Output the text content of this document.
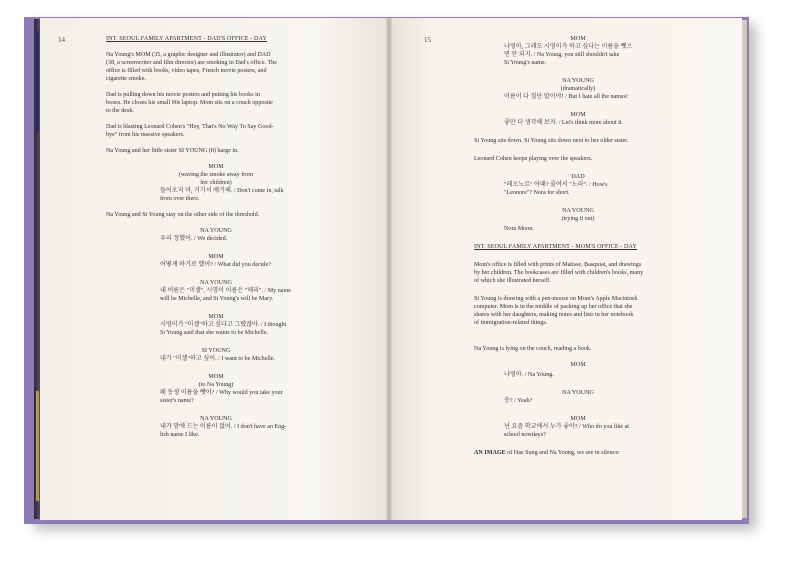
14	INT. SEOUL FAMILY APARTMENT - DAD'S OFFICE - DAY
Na Young's MOM (35, a graphic designer and illustrator) and DAD
(38, a screenwriter and film director) are smoking in Dad's office. The
office is filled with books, video tapes, French movie posters, and
cigarette smoke.
Dad is pulling down his movie posters and putting his books in
boxes. He closes his small 90s laptop. Mom sits on a couch opposite
to the desk.
Dad is blasting Leonard Cohen's "Hey, That's No Way To Say Good-
bye" from his massive speakers.
Na Young and her little sister SI YOUNG (8) barge in.
MOM
(waving the smoke away from
her children)
들어오지 마, 거기서 얘기해. / Don't come in, talk
from over there.
Na Young and Si Young stay on the other side of the threshold.
NA YOUNG
우리 정했어. / We decided.
MOM
어떻게 하기로 했어? / What did you decide?
NA YOUNG
내 이름은 "미셸", 시영이 이름은 "매리". / My name
will be Michelle, and Si Young's will be Mary.
MOM
시영이가 "미셸"하고 싶다고 그랬잖아. / I thought
Si Young said that she wants to be Michelle.
SI YOUNG
내가 "미셸"하고 싶어. / I want to be Michelle.
MOM
(to Na Young)
왜 동생 이름을 뺏어? / Why would you take your
sister's name?
NA YOUNG
내가 맘에 드는 이름이 없어. / I don't have an Eng-
lish name I like.
15	MOM
나영아, 그래도 시영이가 하고 싶다는 이름을 뺏으
면 안 되지. / Na Young, you still shouldn't take
Si Young's name.
NA YOUNG
(dramatically)
이름이 다 질단 말이야! / But I hate all the names!
MOM
좋만 더 생각해 보자. / Let's think more about it.
Si Young sits down. Si Young sits down next to her older sister.
Leonard Cohen keeps playing over the speakers.
DAD
"레오노르" 어때? 줄여서 "노라". / How's
"Leonore"? Nora for short.
NA YOUNG
(trying it out)
Nora Moon.
INT. SEOUL FAMILY APARTMENT - MOM'S OFFICE - DAY
Mom's office is filled with prints of Matisse, Basquiat, and drawings
by her children. The bookcases are filled with children's books, many
of which she illustrated herself.
Si Young is drawing with a pen-mouse on Mom's Apple Macintosh
computer. Mom is in the middle of packing up her office that she
shares with her daughters, making notes and lists in her notebook
of immigration-related things.
Na Young is lying on the couch, reading a book.
MOM
나영아. / Na Young.
NA YOUNG
응? / Yeah?
MOM
넌 요즘 학교에서 누가 좋아? / Who do you like at
school nowdays?
AN IMAGE of Hae Sung and Na Young, we see in silence:
